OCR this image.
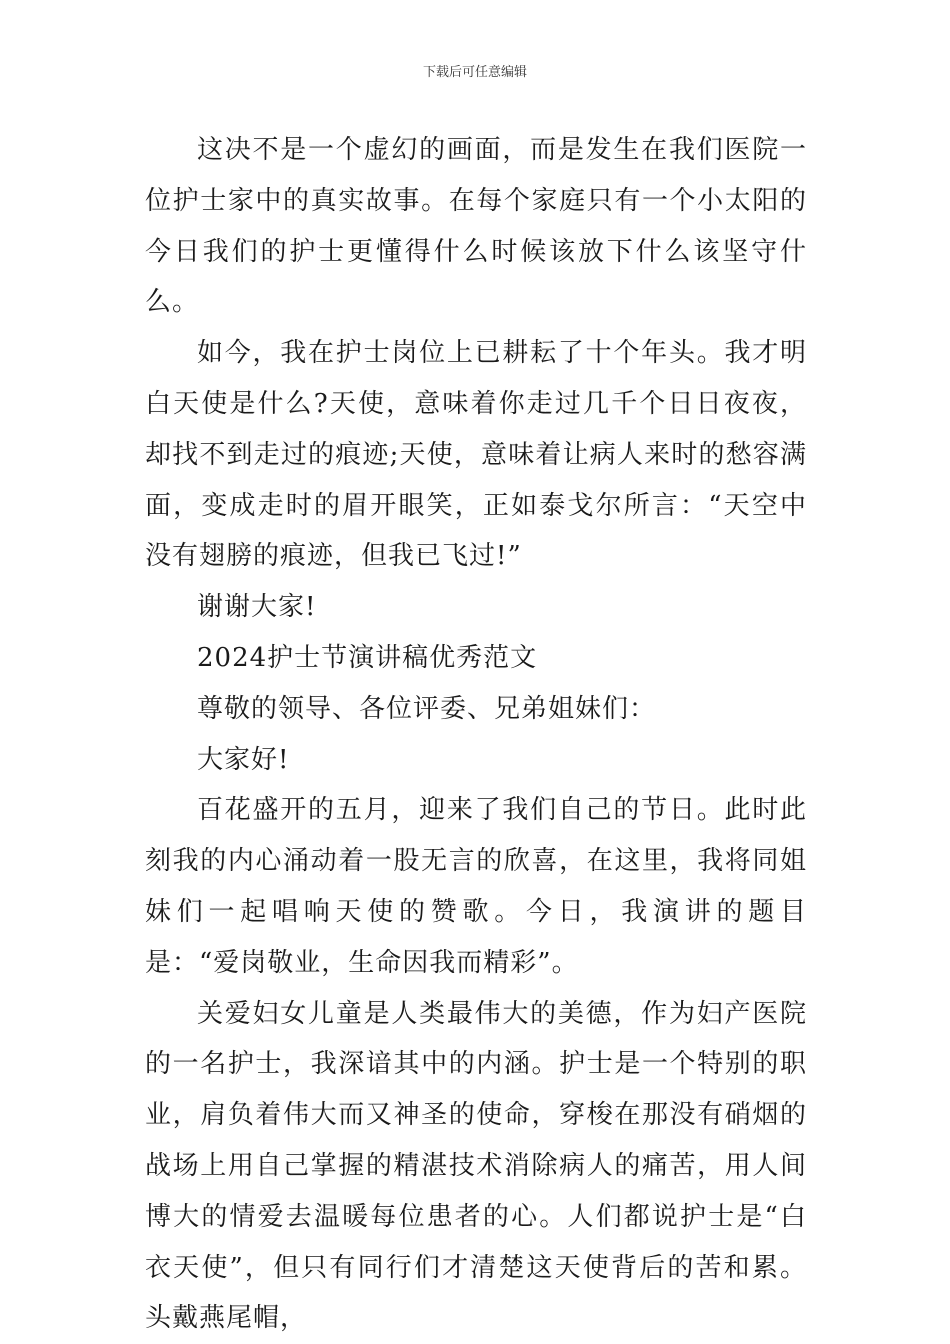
下载后可任意编辑

这决不是一个虚幻的画面，而是发生在我们医院一位护士家中的真实故事。在每个家庭只有一个小太阳的今日我们的护士更懂得什么时候该放下什么该坚守什么。

如今，我在护士岗位上已耕耘了十个年头。我才明白天使是什么?天使，意味着你走过几千个日日夜夜，却找不到走过的痕迹;天使，意味着让病人来时的愁容满面，变成走时的眉开眼笑，正如泰戈尔所言：“天空中没有翅膀的痕迹，但我已飞过!”

谢谢大家!

2024护士节演讲稿优秀范文

尊敬的领导、各位评委、兄弟姐妹们：

大家好!

百花盛开的五月，迎来了我们自己的节日。此时此刻我的内心涌动着一股无言的欣喜，在这里，我将同姐妹们一起唱响天使的赞歌。今日，我演讲的题目是：“爱岗敬业，生命因我而精彩”。

关爱妇女儿童是人类最伟大的美德，作为妇产医院的一名护士，我深谙其中的内涵。护士是一个特别的职业，肩负着伟大而又神圣的使命，穿梭在那没有硝烟的战场上用自己掌握的精湛技术消除病人的痛苦，用人间博大的情爱去温暖每位患者的心。人们都说护士是“白衣天使”，但只有同行们才清楚这天使背后的苦和累。头戴燕尾帽，
